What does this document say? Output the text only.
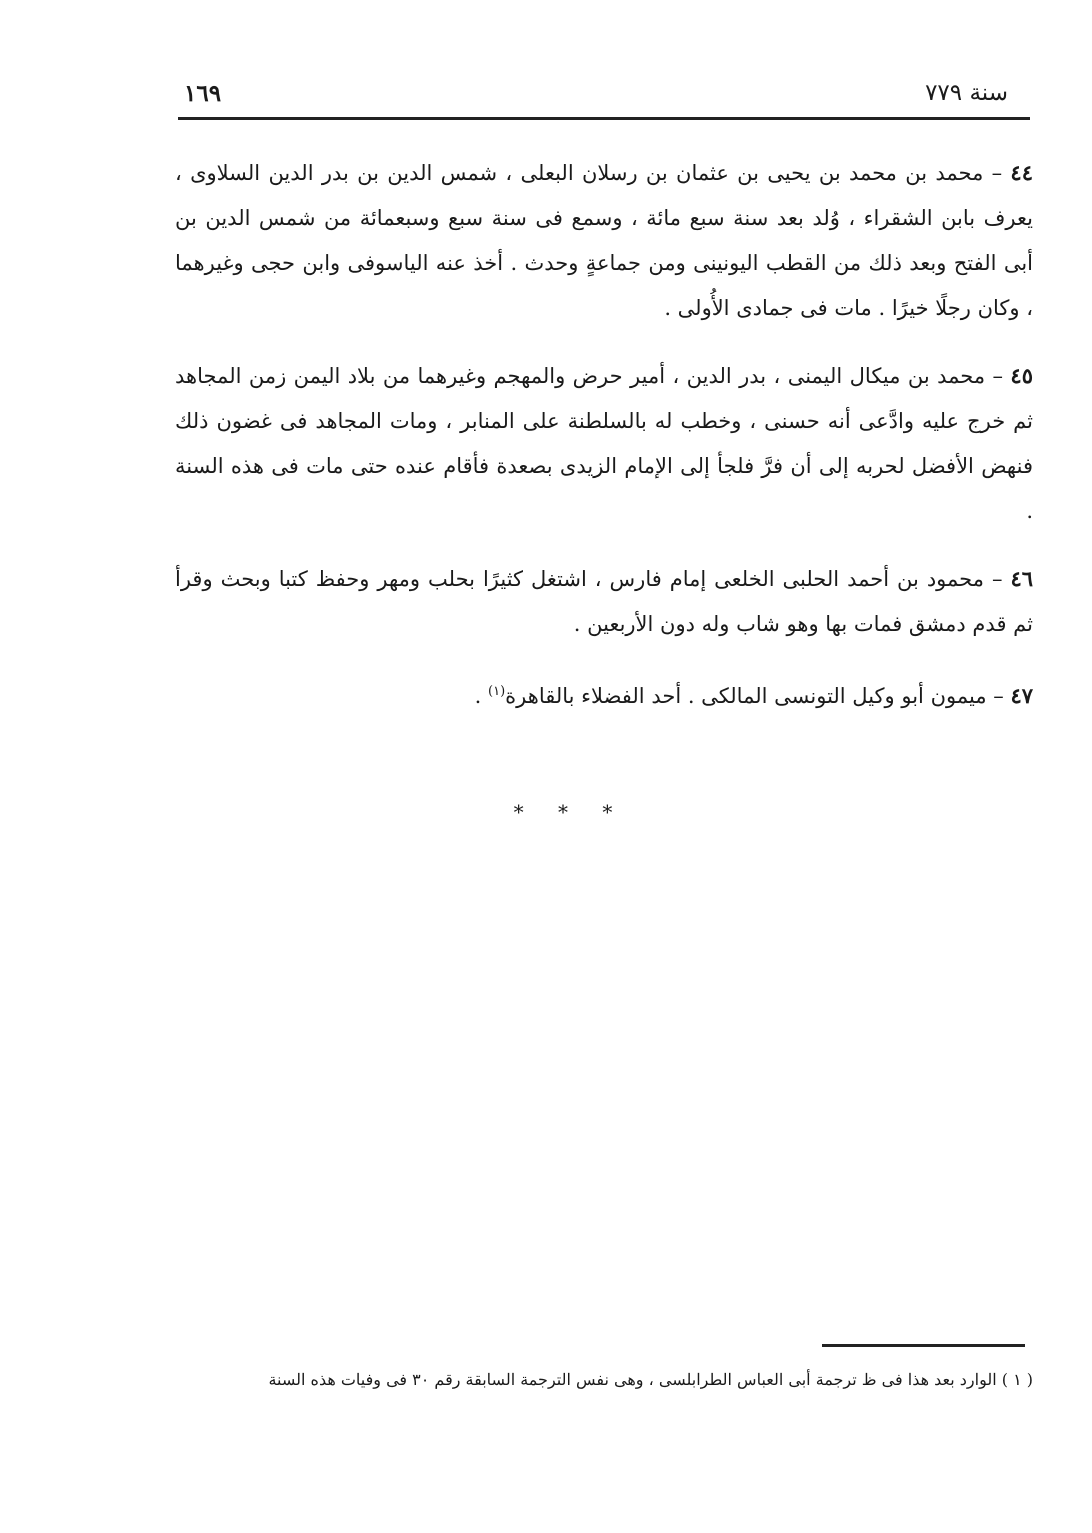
سنة ٧٧٩
١٦٩

٤٤ – محمد بن محمد بن يحيى بن عثمان بن رسلان البعلى ، شمس الدين بن بدر الدين السلاوى ، يعرف بابن الشقراء ، وُلد بعد سنة سبع مائة ، وسمع فى سنة سبع وسبعمائة من شمس الدين بن أبى الفتح وبعد ذلك من القطب اليونينى ومن جماعةٍ وحدث . أخذ عنه الياسوفى وابن حجى وغيرهما ، وكان رجلًا خيرًا . مات فى جمادى الأُولى .

٤٥ – محمد بن ميكال اليمنى ، بدر الدين ، أمير حرض والمهجم وغيرهما من بلاد اليمن زمن المجاهد ثم خرج عليه وادَّعى أنه حسنى ، وخطب له بالسلطنة على المنابر ، ومات المجاهد فى غضون ذلك فنهض الأفضل لحربه إلى أن فرَّ فلجأ إلى الإمام الزيدى بصعدة فأقام عنده حتى مات فى هذه السنة .

٤٦ – محمود بن أحمد الحلبى الخلعى إمام فارس ، اشتغل كثيرًا بحلب ومهر وحفظ كتبا وبحث وقرأ ثم قدم دمشق فمات بها وهو شاب وله دون الأربعين .

٤٧ – ميمون أبو وكيل التونسى المالكى . أحد الفضلاء بالقاهرة$^{(١)}$ .

* * *
( ١ ) الوارد بعد هذا فى ظ ترجمة أبى العباس الطرابلسى ، وهى نفس الترجمة السابقة رقم ٣٠ فى وفيات هذه السنة
